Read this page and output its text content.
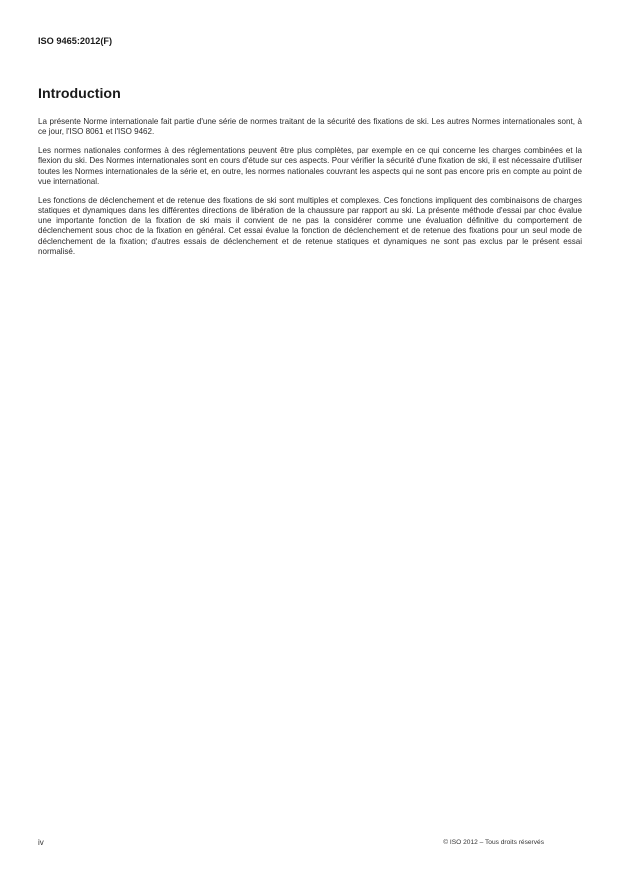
ISO 9465:2012(F)
Introduction

La présente Norme internationale fait partie d'une série de normes traitant de la sécurité des fixations de ski. Les autres Normes internationales sont, à ce jour, l'ISO 8061 et l'ISO 9462.

Les normes nationales conformes à des réglementations peuvent être plus complètes, par exemple en ce qui concerne les charges combinées et la flexion du ski. Des Normes internationales sont en cours d'étude sur ces aspects. Pour vérifier la sécurité d'une fixation de ski, il est nécessaire d'utiliser toutes les Normes internationales de la série et, en outre, les normes nationales couvrant les aspects qui ne sont pas encore pris en compte au point de vue international.

Les fonctions de déclenchement et de retenue des fixations de ski sont multiples et complexes. Ces fonctions impliquent des combinaisons de charges statiques et dynamiques dans les différentes directions de libération de la chaussure par rapport au ski. La présente méthode d'essai par choc évalue une importante fonction de la fixation de ski mais il convient de ne pas la considérer comme une évaluation définitive du comportement de déclenchement sous choc de la fixation en général. Cet essai évalue la fonction de déclenchement et de retenue des fixations pour un seul mode de déclenchement de la fixation; d'autres essais de déclenchement et de retenue statiques et dynamiques ne sont pas exclus par le présent essai normalisé.

iv	© ISO 2012 – Tous droits réservés
